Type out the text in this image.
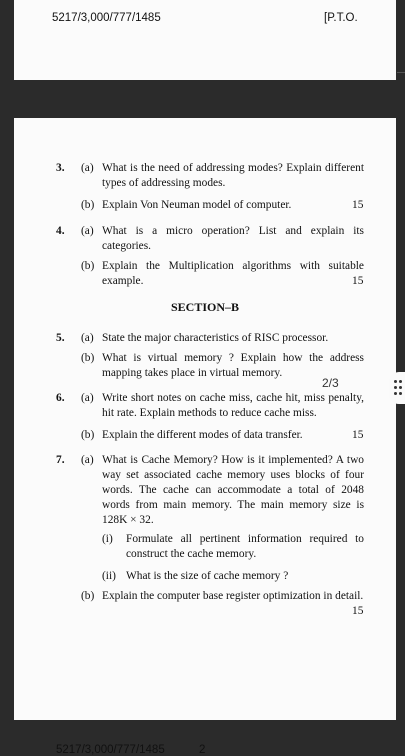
5217/3,000/777/1485	[P.T.O.
3. (a) What is the need of addressing modes? Explain different types of addressing modes.
(b) Explain Von Neuman model of computer.	15
4. (a) What is a micro operation? List and explain its categories.
(b) Explain the Multiplication algorithms with suitable example.	15
SECTION–B
5. (a) State the major characteristics of RISC processor.
(b) What is virtual memory ? Explain how the address mapping takes place in virtual memory.
6. (a) Write short notes on cache miss, cache hit, miss penalty, hit rate. Explain methods to reduce cache miss.
(b) Explain the different modes of data transfer.	15
7. (a) What is Cache Memory? How is it implemented? A two way set associated cache memory uses blocks of four words. The cache can accommodate a total of 2048 words from main memory. The main memory size is 128K × 32.
(i) Formulate all pertinent information required to construct the cache memory.
(ii) What is the size of cache memory ?
(b) Explain the computer base register optimization in detail.
15
5217/3,000/777/1485	2
2/3
